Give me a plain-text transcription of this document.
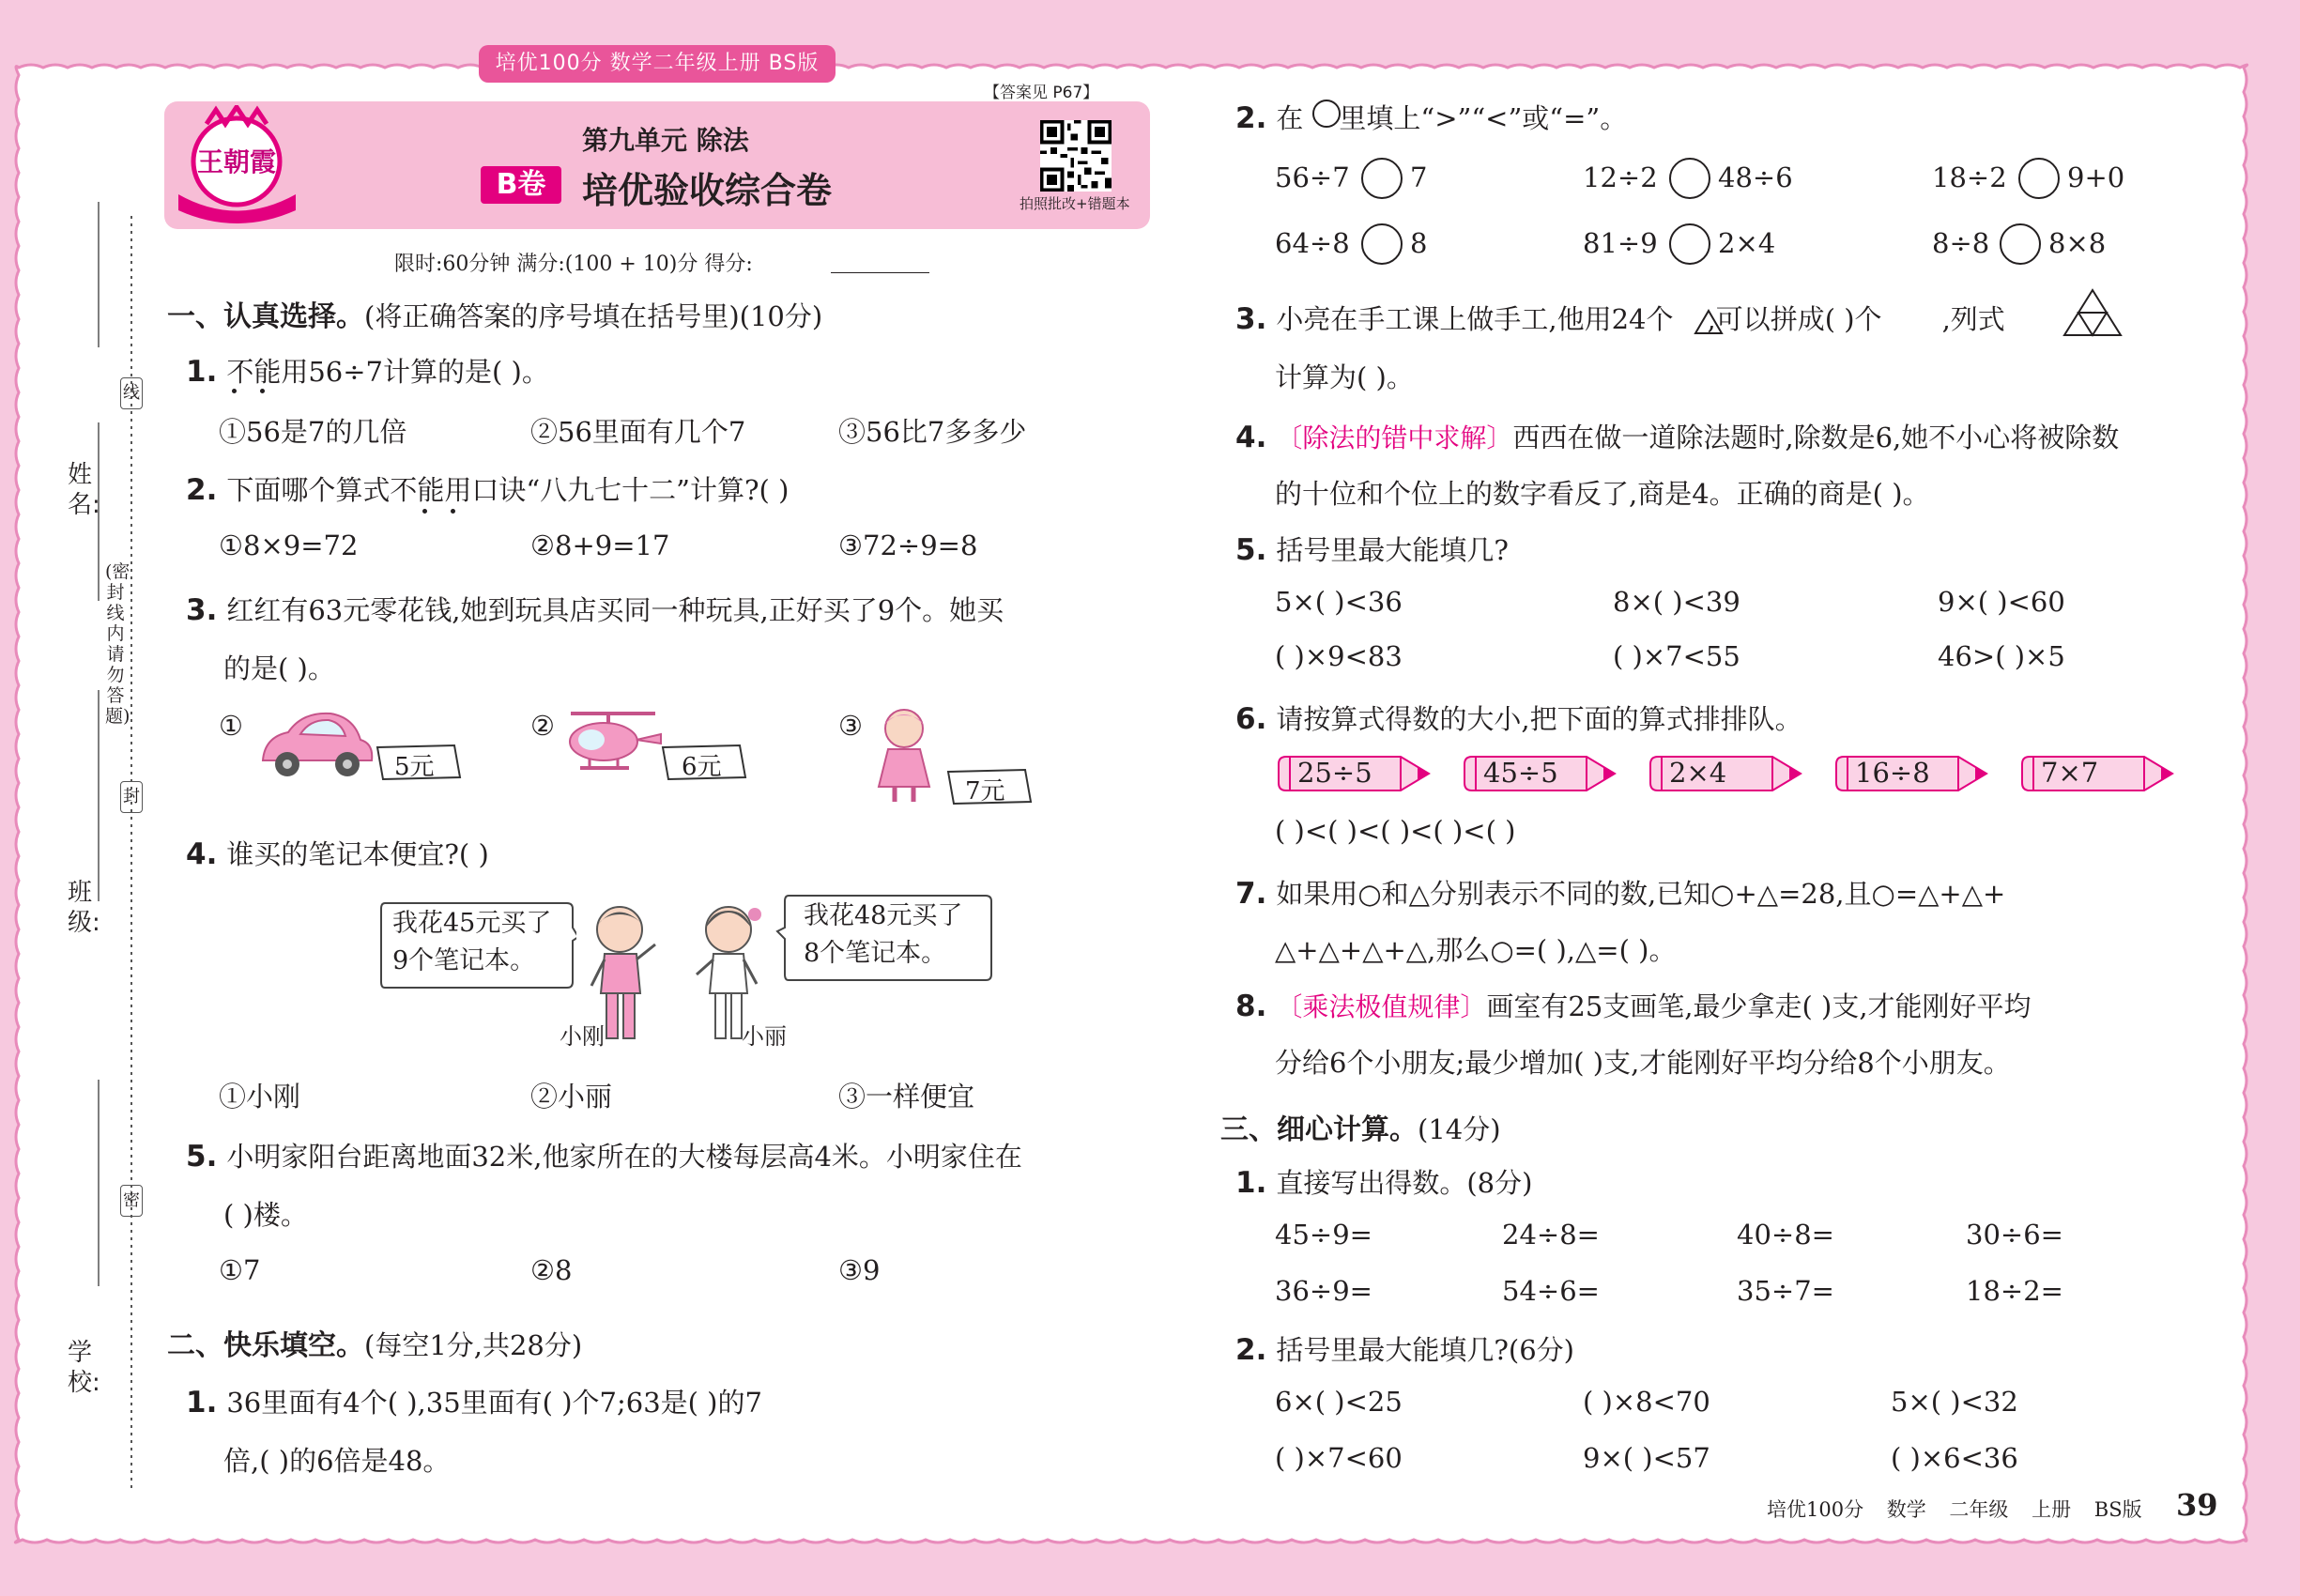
培优100分 数学二年级上册 BS版
王朝霞
第九单元 除法
B卷	培优验收综合卷
【答案见 P67】
拍照批改+错题本
限时:60分钟 满分:(100 + 10)分 得分:
姓名:
班级:
学校:
线
封
密
(密封线内请勿答题)
一、认真选择。(将正确答案的序号填在括号里)(10分)
1. 不能用56÷7计算的是( )。
①56是7的几倍	②56里面有几个7	③56比7多多少
2. 下面哪个算式不能用口诀“八九七十二”计算?( )
①8×9=72	②8+9=17	③72÷9=8
3. 红红有63元零花钱,她到玩具店买同一种玩具,正好买了9个。她买
的是( )。
①
5元
②
6元
③
7元
4. 谁买的笔记本便宜?( )
我花45元买了
9个笔记本。
小刚	小丽
我花48元买了
8个笔记本。
①小刚	②小丽	③一样便宜
5. 小明家阳台距离地面32米,他家所在的大楼每层高4米。小明家住在
( )楼。
①7	②8	③9
二、快乐填空。(每空1分,共28分)
1. 36里面有4个( ),35里面有( )个7;63是( )的7
倍,( )的6倍是48。
2. 在 里填上“>”“<”或“=”。
56÷7 7	12÷2 48÷6	18÷2 9+0
64÷8 8	81÷9 2×4	8÷8 8×8
3. 小亮在手工课上做手工,他用24个 ,可以拼成( )个 ,列式
计算为( )。
4. 〔除法的错中求解〕西西在做一道除法题时,除数是6,她不小心将被除数
的十位和个位上的数字看反了,商是4。正确的商是( )。
5. 括号里最大能填几?
5×( )<36	8×( )<39	9×( )<60
( )×9<83	( )×7<55	46>( )×5
6. 请按算式得数的大小,把下面的算式排排队。
25÷5	45÷5	2×4	16÷8	7×7
( )<( )<( )<( )<( )
7. 如果用○和△分别表示不同的数,已知○+△=28,且○=△+△+
△+△+△+△,那么○=( ),△=( )。
8. 〔乘法极值规律〕画室有25支画笔,最少拿走( )支,才能刚好平均
分给6个小朋友;最少增加( )支,才能刚好平均分给8个小朋友。
三、细心计算。(14分)
1. 直接写出得数。(8分)
45÷9=	24÷8=	40÷8=	30÷6=
36÷9=	54÷6=	35÷7=	18÷2=
2. 括号里最大能填几?(6分)
6×( )<25	( )×8<70	5×( )<32
( )×7<60	9×( )<57	( )×6<36
培优100分 数学 二年级 上册 BS版 39
